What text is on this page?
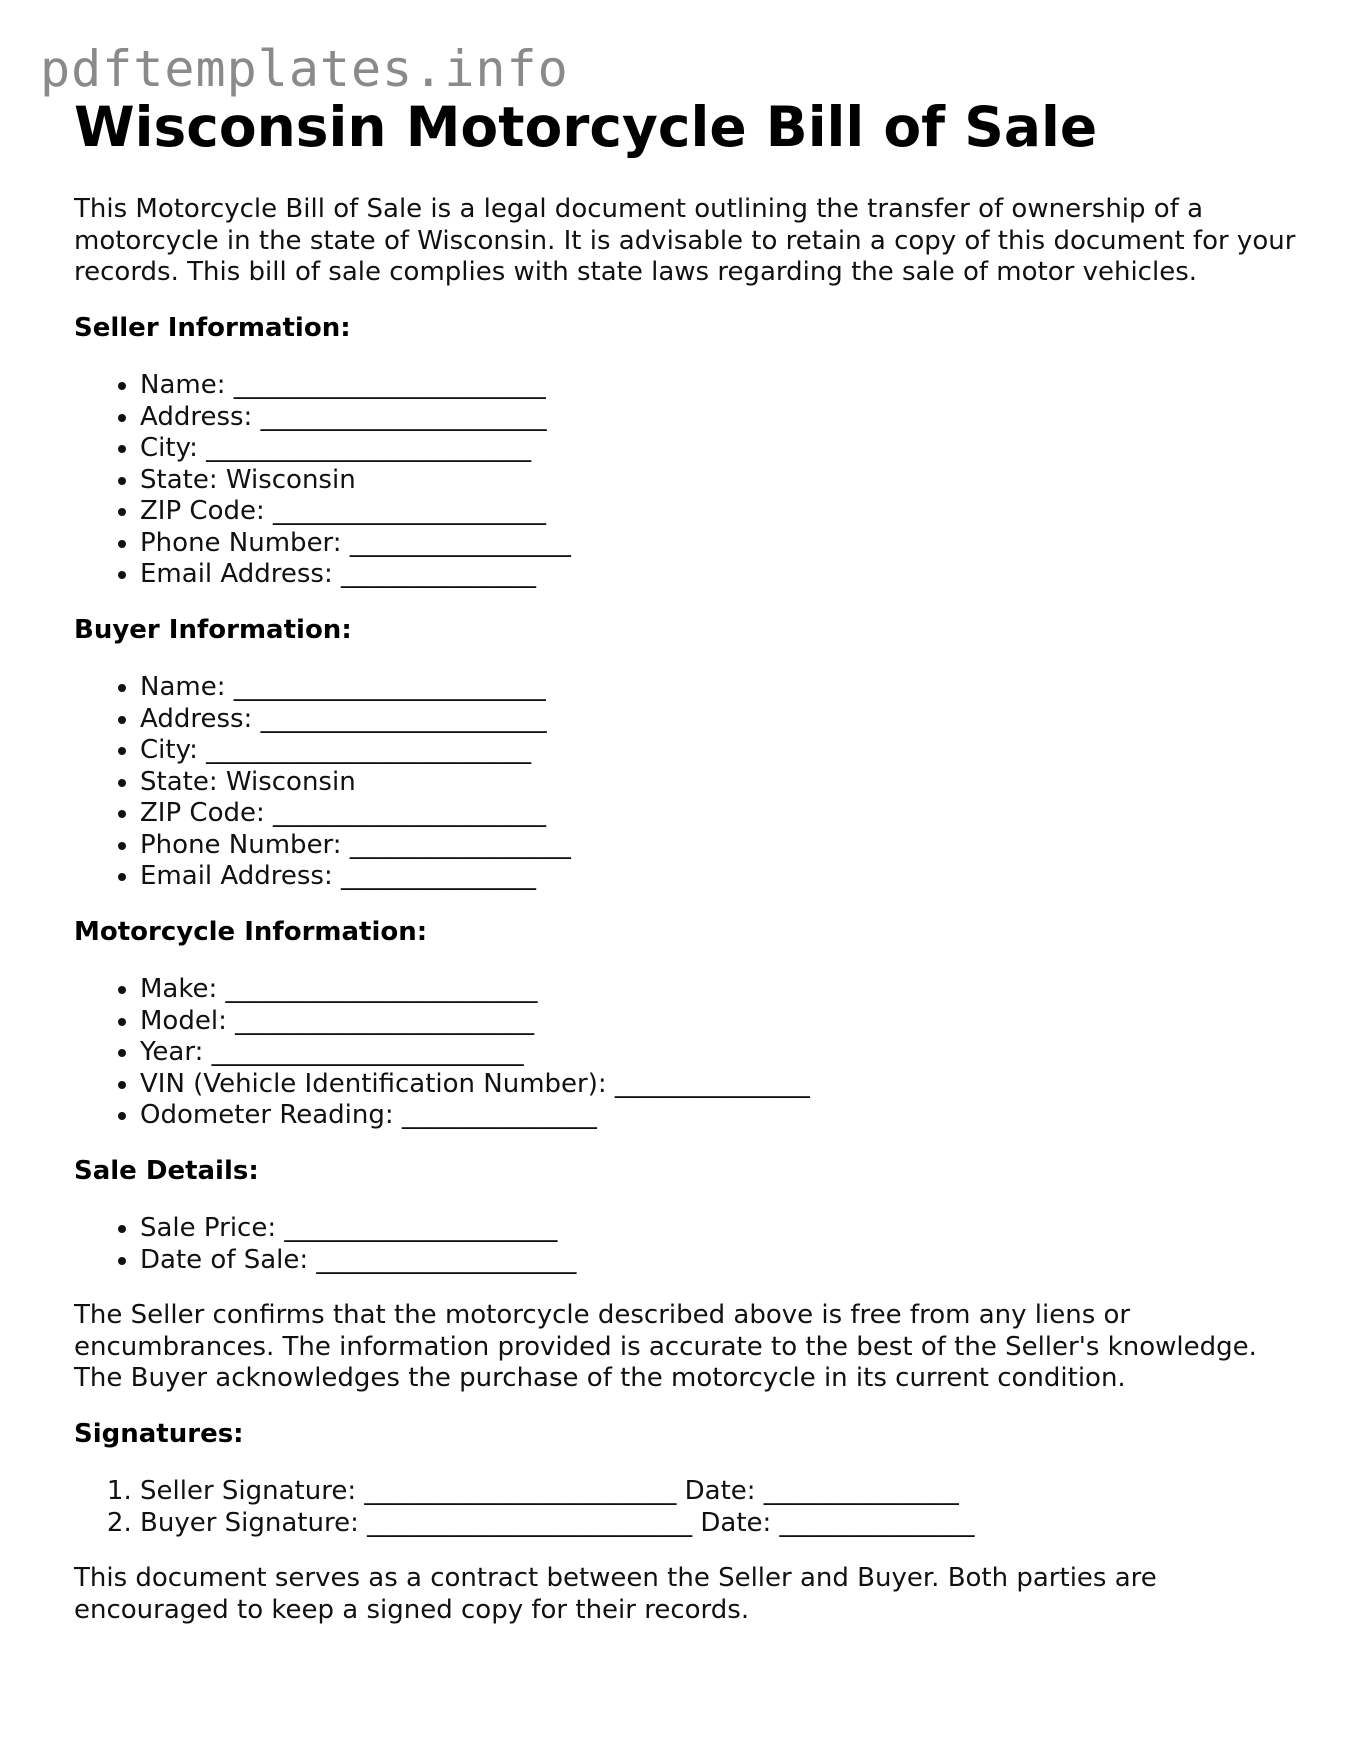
pdftemplates.info
Wisconsin Motorcycle Bill of Sale

This Motorcycle Bill of Sale is a legal document outlining the transfer of ownership of a motorcycle in the state of Wisconsin. It is advisable to retain a copy of this document for your records. This bill of sale complies with state laws regarding the sale of motor vehicles.

Seller Information:
• Name: ________________________
• Address: ______________________
• City: _________________________
• State: Wisconsin
• ZIP Code: _____________________
• Phone Number: _________________
• Email Address: _______________
Buyer Information:
• Name: ________________________
• Address: ______________________
• City: _________________________
• State: Wisconsin
• ZIP Code: _____________________
• Phone Number: _________________
• Email Address: _______________
Motorcycle Information:
• Make: ________________________
• Model: _______________________
• Year: ________________________
• VIN (Vehicle Identification Number): _______________
• Odometer Reading: _______________
Sale Details:
• Sale Price: _____________________
• Date of Sale: ____________________

The Seller confirms that the motorcycle described above is free from any liens or encumbrances. The information provided is accurate to the best of the Seller's knowledge. The Buyer acknowledges the purchase of the motorcycle in its current condition.

Signatures:
1. Seller Signature: ________________________ Date: _______________
2. Buyer Signature: _________________________ Date: _______________

This document serves as a contract between the Seller and Buyer. Both parties are encouraged to keep a signed copy for their records.
